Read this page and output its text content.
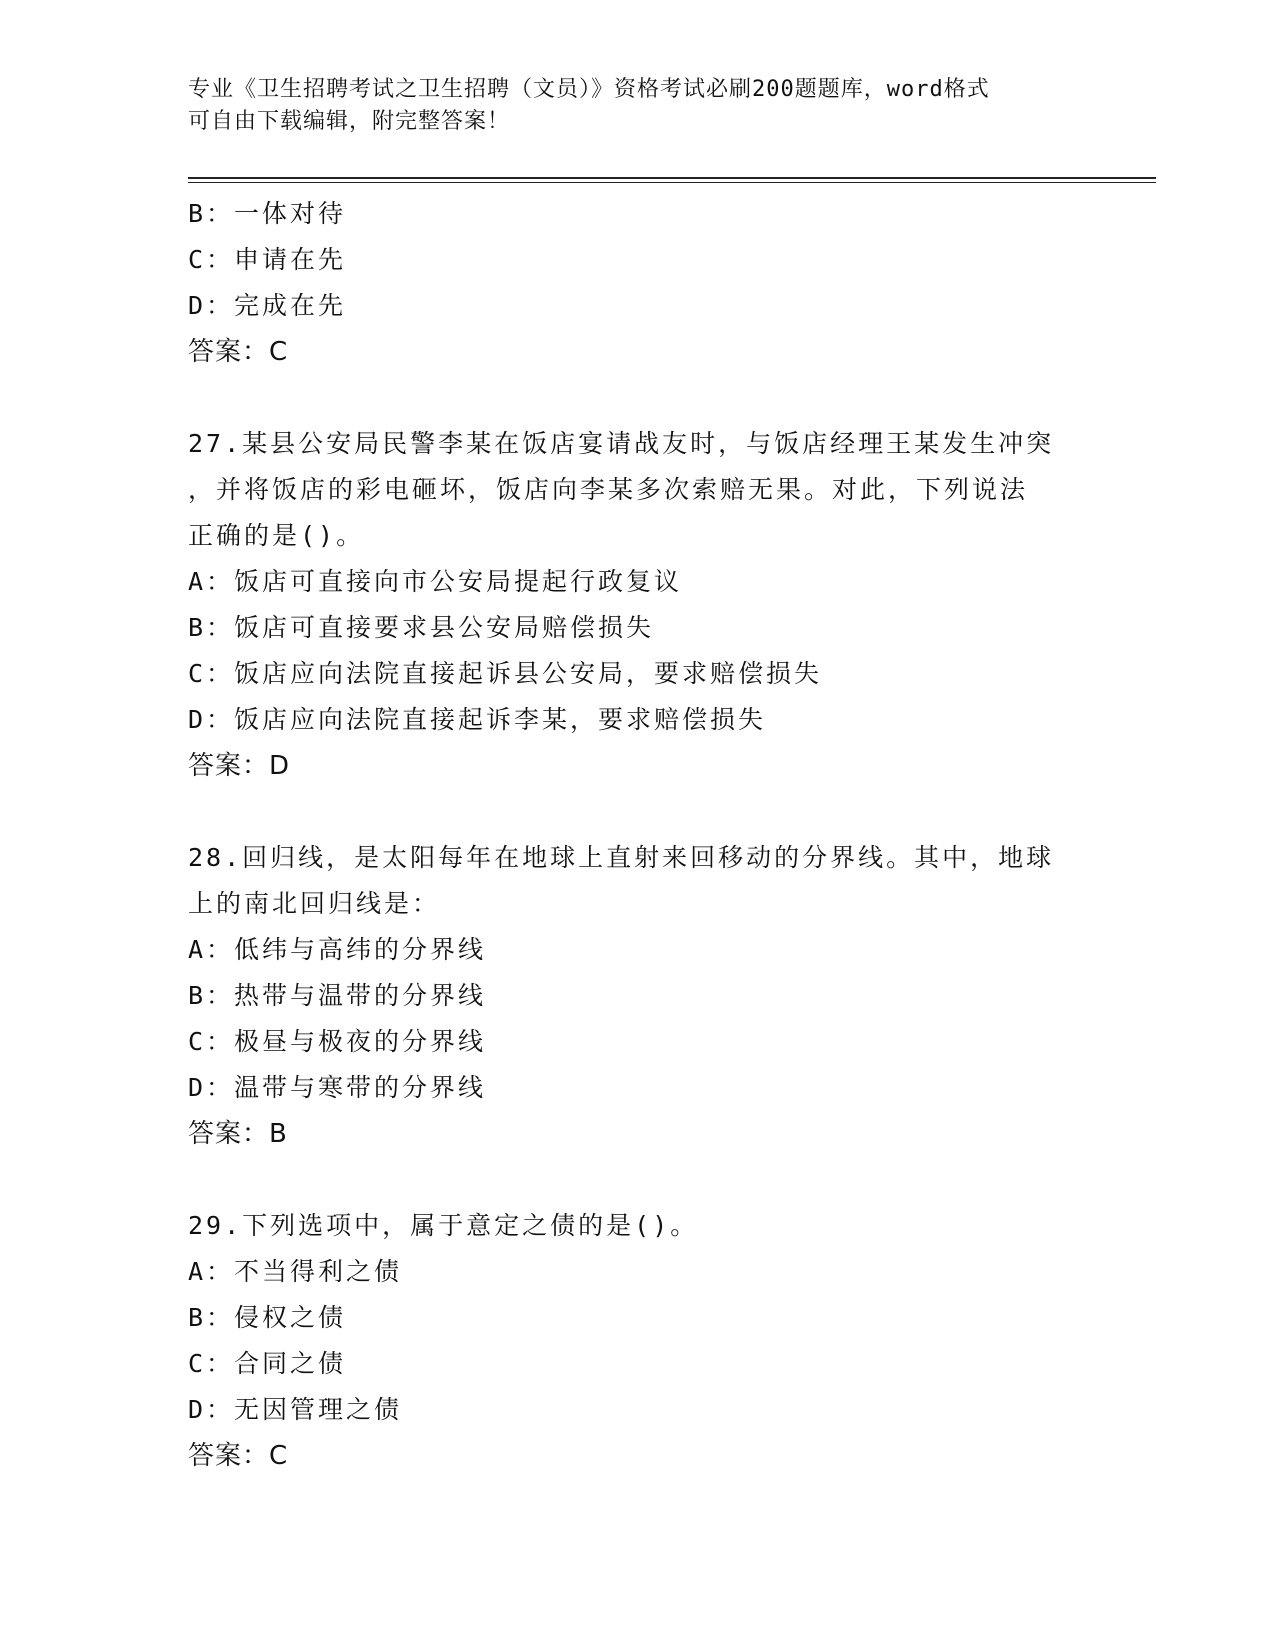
专业《卫生招聘考试之卫生招聘（文员）》资格考试必刷200题题库，word格式
可自由下载编辑，附完整答案！
B：一体对待
C：申请在先
D：完成在先
答案：C
27.某县公安局民警李某在饭店宴请战友时，与饭店经理王某发生冲突
，并将饭店的彩电砸坏，饭店向李某多次索赔无果。对此，下列说法
正确的是()。
A：饭店可直接向市公安局提起行政复议
B：饭店可直接要求县公安局赔偿损失
C：饭店应向法院直接起诉县公安局，要求赔偿损失
D：饭店应向法院直接起诉李某，要求赔偿损失
答案：D
28.回归线，是太阳每年在地球上直射来回移动的分界线。其中，地球
上的南北回归线是：
A：低纬与高纬的分界线
B：热带与温带的分界线
C：极昼与极夜的分界线
D：温带与寒带的分界线
答案：B
29.下列选项中，属于意定之债的是()。
A：不当得利之债
B：侵权之债
C：合同之债
D：无因管理之债
答案：C
